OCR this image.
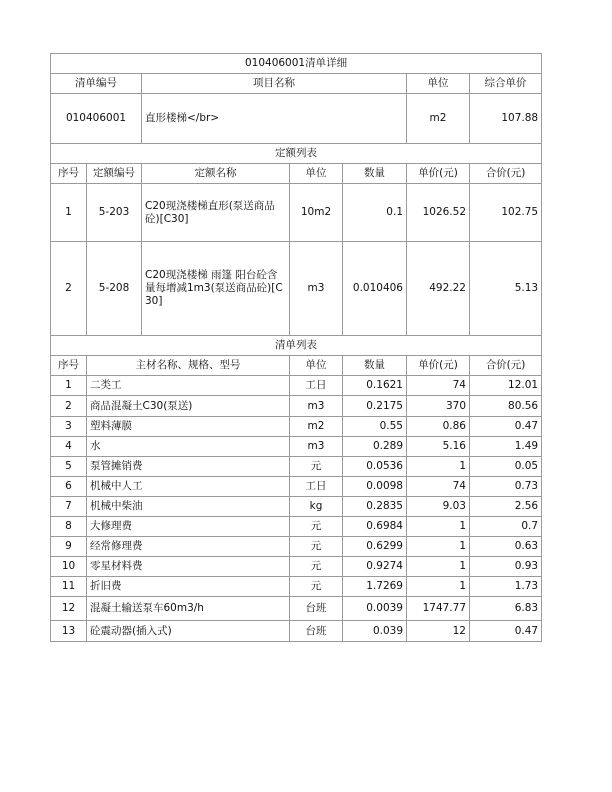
010406001清单详细						
清单编号		项目名称			单位	综合单价
010406001		直形楼梯</br>			m2	107.88
定额列表						
序号	定额编号	定额名称	单位	数量	单价(元)	合价(元)
1	5-203	C20现浇楼梯直形(泵送商品砼)[C30]	10m2	0.1	1026.52	102.75
2	5-208	C20现浇楼梯 雨篷 阳台砼含量每增减1m3(泵送商品砼)[C30]	m3	0.010406	492.22	5.13
清单列表						
序号	主材名称、规格、型号		单位	数量	单价(元)	合价(元)
1	二类工		工日	0.1621	74	12.01
2	商品混凝土C30(泵送)		m3	0.2175	370	80.56
3	塑料薄膜		m2	0.55	0.86	0.47
4	水		m3	0.289	5.16	1.49
5	泵管摊销费		元	0.0536	1	0.05
6	机械中人工		工日	0.0098	74	0.73
7	机械中柴油		kg	0.2835	9.03	2.56
8	大修理费		元	0.6984	1	0.7
9	经常修理费		元	0.6299	1	0.63
10	零星材料费		元	0.9274	1	0.93
11	折旧费		元	1.7269	1	1.73
12	混凝土输送泵车60m3/h		台班	0.0039	1747.77	6.83
13	砼震动器(插入式)		台班	0.039	12	0.47
